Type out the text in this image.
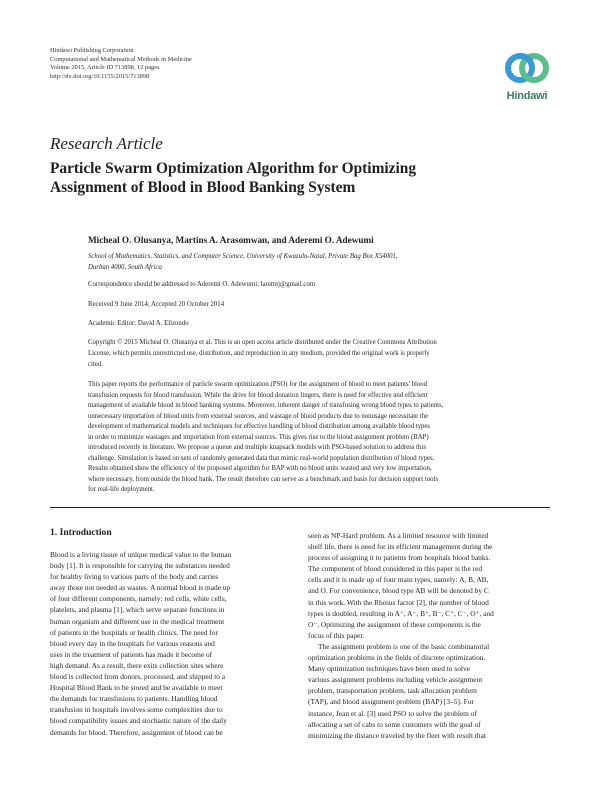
Hindawi Publishing Corporation
Computational and Mathematical Methods in Medicine
Volume 2015, Article ID 713898, 12 pages
http://dx.doi.org/10.1155/2015/713898
Hindawi
Research Article
Particle Swarm Optimization Algorithm for Optimizing
Assignment of Blood in Blood Banking System
Micheal O. Olusanya, Martins A. Arasomwan, and Aderemi O. Adewumi
School of Mathematics, Statistics, and Computer Science, University of Kwazulu-Natal, Private Bag Box X54001,
Durban 4000, South Africa
Correspondence should be addressed to Aderemi O. Adewumi; laremtj@gmail.com
Received 9 June 2014; Accepted 20 October 2014
Academic Editor: David A. Elizondo
Copyright © 2015 Micheal O. Olusanya et al. This is an open access article distributed under the Creative Commons Attribution
License, which permits unrestricted use, distribution, and reproduction in any medium, provided the original work is properly
cited.
This paper reports the performance of particle swarm optimization (PSO) for the assignment of blood to meet patients' blood
transfusion requests for blood transfusion. While the drive for blood donation lingers, there is need for effective and efficient
management of available blood in blood banking systems. Moreover, inherent danger of transfusing wrong blood types to patients,
unnecessary importation of blood units from external sources, and wastage of blood products due to nonusage necessitate the
development of mathematical models and techniques for effective handling of blood distribution among available blood types
in order to minimize wastages and importation from external sources. This gives rise to the blood assignment problem (BAP)
introduced recently in literature. We propose a queue and multiple knapsack models with PSO-based solution to address this
challenge. Simulation is based on sets of randomly generated data that mimic real-world population distribution of blood types.
Results obtained show the efficiency of the proposed algorithm for BAP with no blood units wasted and very low importation,
where necessary, from outside the blood bank. The result therefore can serve as a benchmark and basis for decision support tools
for real-life deployment.
1. Introduction
Blood is a living tissue of unique medical value to the human
body [1]. It is responsible for carrying the substances needed
for healthy living to various parts of the body and carries
away those not needed as wastes. A normal blood is made up
of four different components, namely: red cells, white cells,
platelets, and plasma [1], which serve separate functions in
human organism and different use in the medical treatment
of patients in the hospitals or health clinics. The need for
blood every day in the hospitals for various reasons and
uses in the treatment of patients has made it become of
high demand. As a result, there exits collection sites where
blood is collected from donors, processed, and shipped to a
Hospital Blood Bank to be stored and be available to meet
the demands for transfusions to patients. Handling blood
transfusion in hospitals involves some complexities due to
blood compatibility issues and stochastic nature of the daily
demands for blood. Therefore, assignment of blood can be
seen as NP-Hard problem. As a limited resource with limited
shelf life, there is need for its efficient management during the
process of assigning it to patients from hospitals blood banks.
The component of blood considered in this paper is the red
cells and it is made up of four main types, namely: A, B, AB,
and O. For convenience, blood type AB will be denoted by C
in this work. With the Rhesus factor [2], the number of blood
types is doubled, resulting in A⁺, A⁻, B⁺, B⁻, C⁺, C⁻, O⁺, and
O⁻. Optimizing the assignment of these components is the
focus of this paper.
The assignment problem is one of the basic combinatorial
optimization problems in the fields of discrete optimization.
Many optimization techniques have been used to solve
various assignment problems including vehicle assignment
problem, transportation problem, task allocation problem
(TAP), and blood assignment problem (BAP) [3–5]. For
instance, Jean et al. [3] used PSO to solve the problem of
allocating a set of cabs to some customers with the goal of
minimizing the distance traveled by the fleet with result that
